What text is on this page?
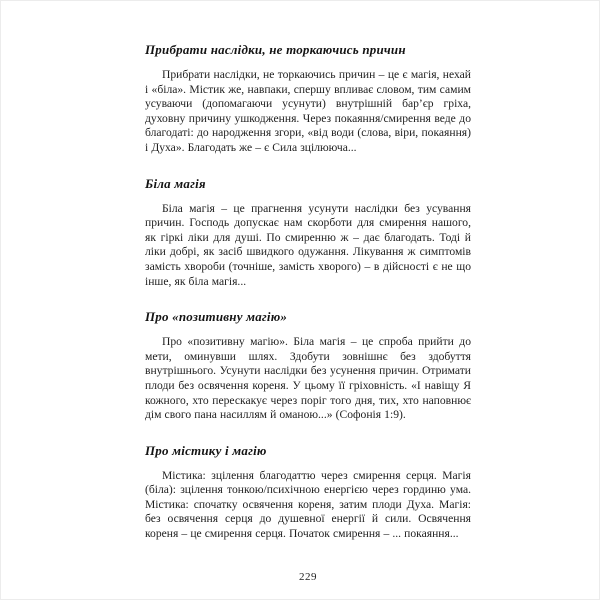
Прибрати наслідки, не торкаючись причин

Прибрати наслідки, не торкаючись причин – це є магія, нехай і «біла». Містик же, навпаки, спершу впливає словом, тим самим усуваючи (допомагаючи усунути) внутрішній бар’єр гріха, духовну причину ушкодження. Через покаяння/смирення веде до благодаті: до народження згори, «від води (слова, віри, покаяння) і Духа». Благодать же – є Сила зцілююча...

Біла магія

Біла магія – це прагнення усунути наслідки без усування причин. Господь допускає нам скорботи для смирення нашого, як гіркі ліки для душі. По смиренню ж – дає благодать. Тоді й ліки добрі, як засіб швидкого одужання. Лікування ж симптомів замість хвороби (точніше, замість хворого) – в дійсності є не що інше, як біла магія...

Про «позитивну магію»

Про «позитивну магію». Біла магія – це спроба прийти до мети, оминувши шлях. Здобути зовнішнє без здобуття внутрішнього. Усунути наслідки без усунення причин. Отримати плоди без освячення кореня. У цьому її гріховність. «І навіщу Я кожного, хто перескакує через поріг того дня, тих, хто наповнює дім свого пана насиллям й оманою...» (Софонія 1:9).

Про містику і магію

Містика: зцілення благодаттю через смирення серця. Магія (біла): зцілення тонкою/психічною енергією через гординю ума. Містика: спочатку освячення кореня, затим плоди Духа. Магія: без освячення серця до душевної енергії й сили. Освячення кореня – це смирення серця. Початок смирення – ... покаяння...

229
